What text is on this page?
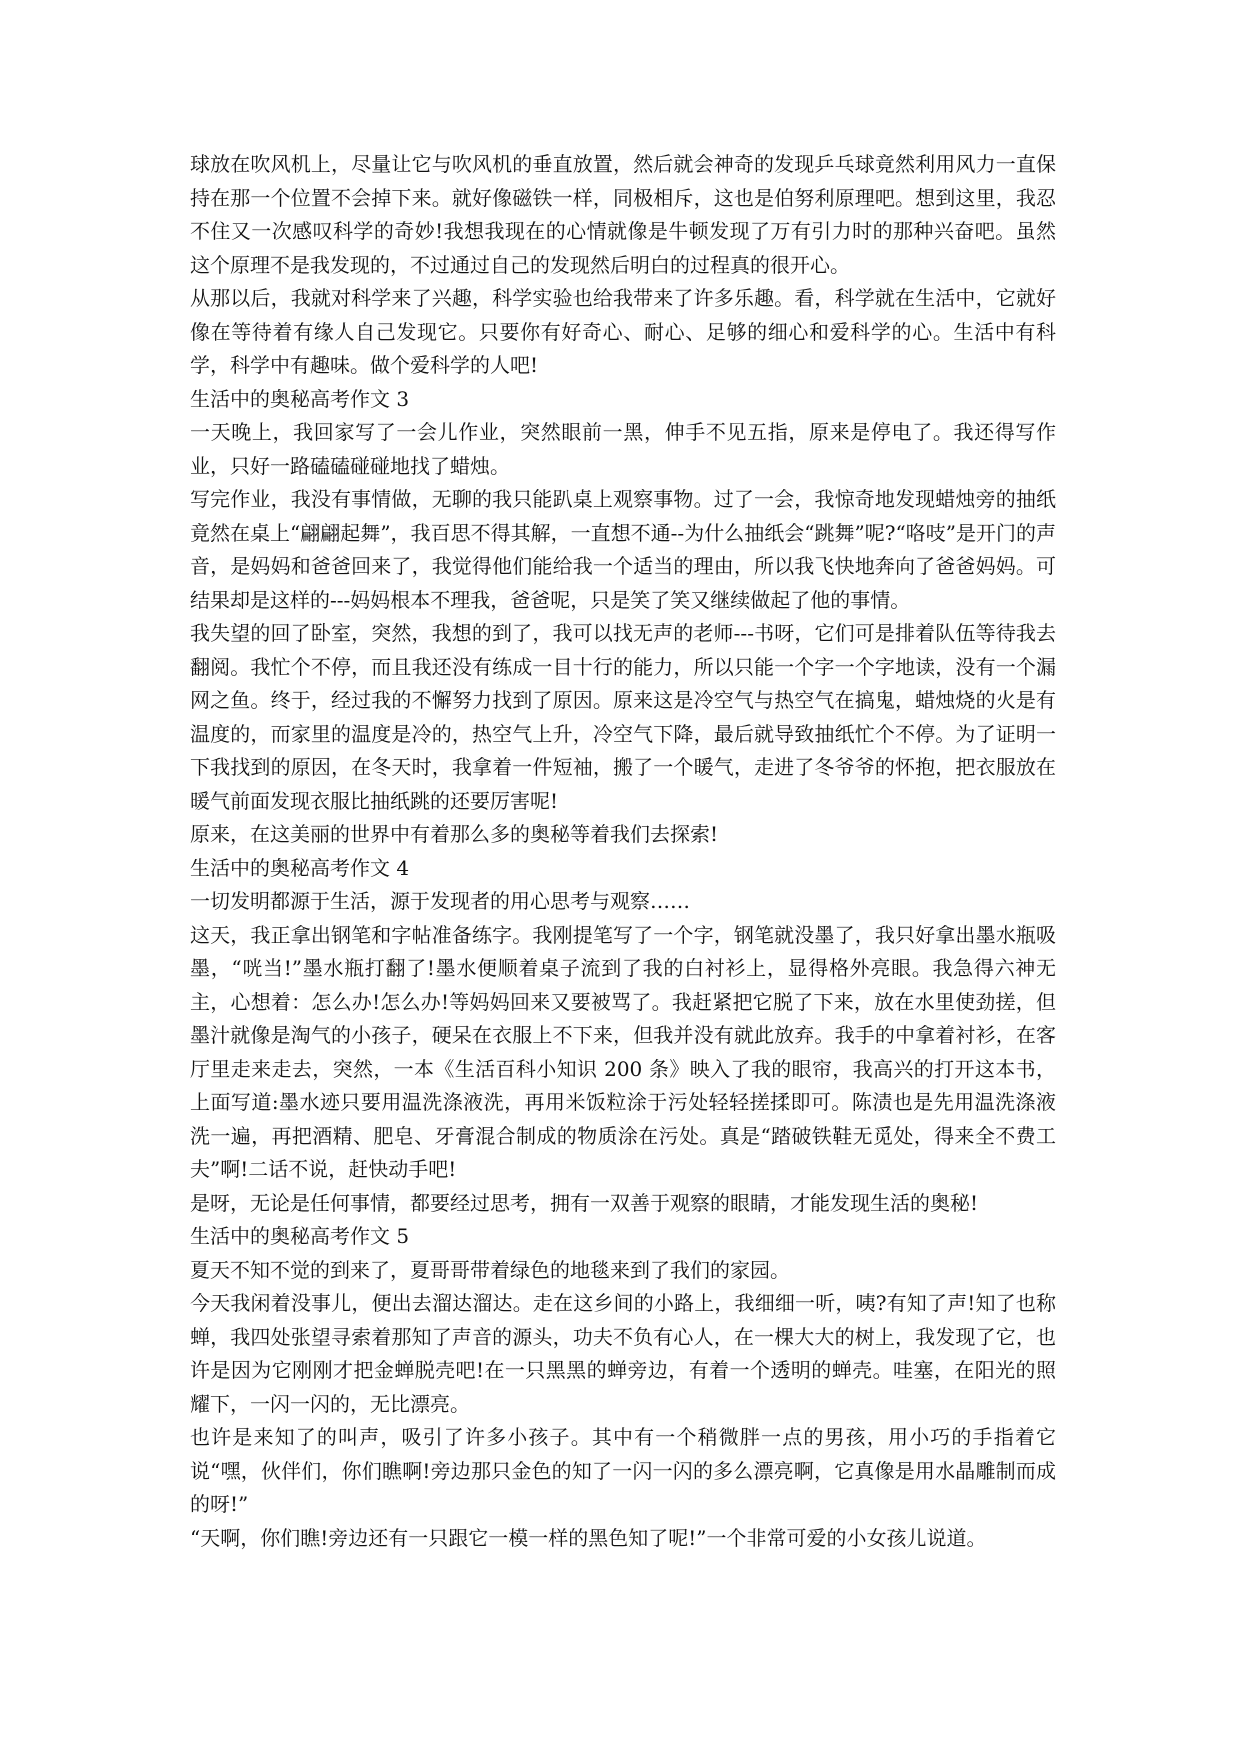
球放在吹风机上，尽量让它与吹风机的垂直放置，然后就会神奇的发现乒乓球竟然利用风力一直保持在那一个位置不会掉下来。就好像磁铁一样，同极相斥，这也是伯努利原理吧。想到这里，我忍不住又一次感叹科学的奇妙!我想我现在的心情就像是牛顿发现了万有引力时的那种兴奋吧。虽然这个原理不是我发现的，不过通过自己的发现然后明白的过程真的很开心。

从那以后，我就对科学来了兴趣，科学实验也给我带来了许多乐趣。看，科学就在生活中，它就好像在等待着有缘人自己发现它。只要你有好奇心、耐心、足够的细心和爱科学的心。生活中有科学，科学中有趣味。做个爱科学的人吧!

生活中的奥秘高考作文 3

一天晚上，我回家写了一会儿作业，突然眼前一黑，伸手不见五指，原来是停电了。我还得写作业，只好一路磕磕碰碰地找了蜡烛。

写完作业，我没有事情做，无聊的我只能趴桌上观察事物。过了一会，我惊奇地发现蜡烛旁的抽纸竟然在桌上“翩翩起舞”，我百思不得其解，一直想不通--为什么抽纸会“跳舞”呢?“咯吱”是开门的声音，是妈妈和爸爸回来了，我觉得他们能给我一个适当的理由，所以我飞快地奔向了爸爸妈妈。可结果却是这样的---妈妈根本不理我，爸爸呢，只是笑了笑又继续做起了他的事情。

我失望的回了卧室，突然，我想的到了，我可以找无声的老师---书呀，它们可是排着队伍等待我去翻阅。我忙个不停，而且我还没有练成一目十行的能力，所以只能一个字一个字地读，没有一个漏网之鱼。终于，经过我的不懈努力找到了原因。原来这是冷空气与热空气在搞鬼，蜡烛烧的火是有温度的，而家里的温度是冷的，热空气上升，冷空气下降，最后就导致抽纸忙个不停。为了证明一下我找到的原因，在冬天时，我拿着一件短袖，搬了一个暖气，走进了冬爷爷的怀抱，把衣服放在暖气前面发现衣服比抽纸跳的还要厉害呢!

原来，在这美丽的世界中有着那么多的奥秘等着我们去探索!

生活中的奥秘高考作文 4

一切发明都源于生活，源于发现者的用心思考与观察……

这天，我正拿出钢笔和字帖准备练字。我刚提笔写了一个字，钢笔就没墨了，我只好拿出墨水瓶吸墨，“咣当!”墨水瓶打翻了!墨水便顺着桌子流到了我的白衬衫上，显得格外亮眼。我急得六神无主，心想着：怎么办!怎么办!等妈妈回来又要被骂了。我赶紧把它脱了下来，放在水里使劲搓，但墨汁就像是淘气的小孩子，硬呆在衣服上不下来，但我并没有就此放弃。我手的中拿着衬衫，在客厅里走来走去，突然，一本《生活百科小知识 200 条》映入了我的眼帘，我高兴的打开这本书，上面写道:墨水迹只要用温洗涤液洗，再用米饭粒涂于污处轻轻搓揉即可。陈渍也是先用温洗涤液洗一遍，再把酒精、肥皂、牙膏混合制成的物质涂在污处。真是“踏破铁鞋无觅处，得来全不费工夫”啊!二话不说，赶快动手吧!

是呀，无论是任何事情，都要经过思考，拥有一双善于观察的眼睛，才能发现生活的奥秘!

生活中的奥秘高考作文 5

夏天不知不觉的到来了，夏哥哥带着绿色的地毯来到了我们的家园。

今天我闲着没事儿，便出去溜达溜达。走在这乡间的小路上，我细细一听，咦?有知了声!知了也称蝉，我四处张望寻索着那知了声音的源头，功夫不负有心人，在一棵大大的树上，我发现了它，也许是因为它刚刚才把金蝉脱壳吧!在一只黑黑的蝉旁边，有着一个透明的蝉壳。哇塞，在阳光的照耀下，一闪一闪的，无比漂亮。

也许是来知了的叫声，吸引了许多小孩子。其中有一个稍微胖一点的男孩，用小巧的手指着它说“嘿，伙伴们，你们瞧啊!旁边那只金色的知了一闪一闪的多么漂亮啊，它真像是用水晶雕制而成的呀!”

“天啊，你们瞧!旁边还有一只跟它一模一样的黑色知了呢!”一个非常可爱的小女孩儿说道。
